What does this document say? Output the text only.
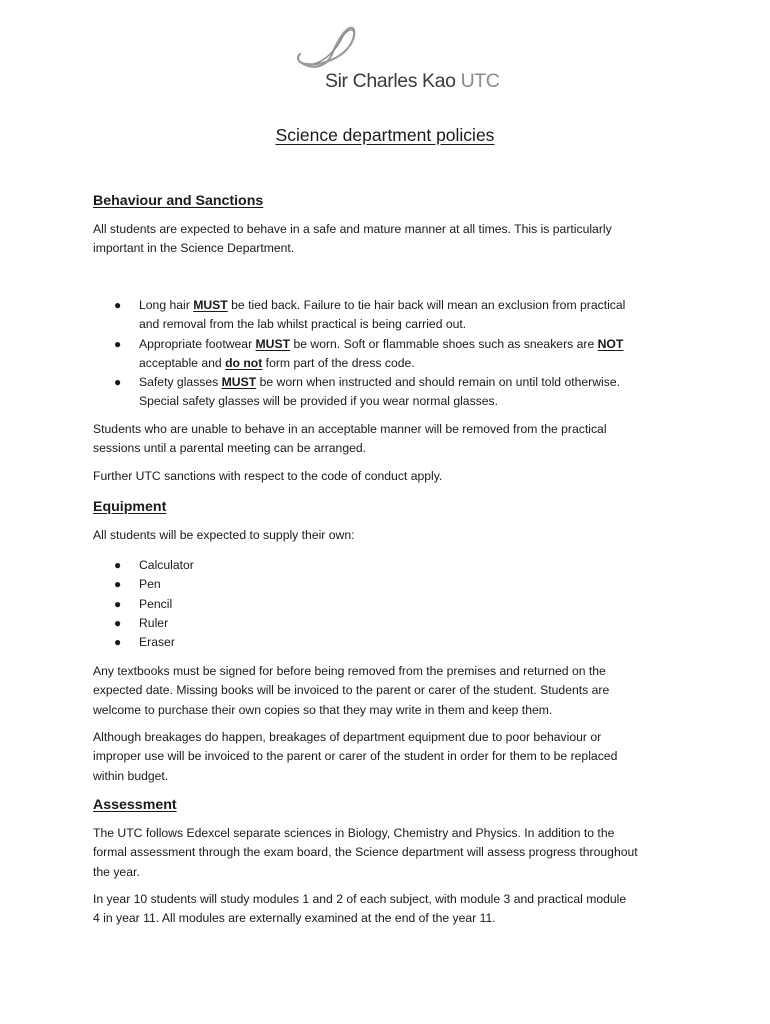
Sir Charles Kao UTC
Science department policies
Behaviour and Sanctions

All students are expected to behave in a safe and mature manner at all times. This is particularly
important in the Science Department.

● Long hair MUST be tied back. Failure to tie hair back will mean an exclusion from practical
and removal from the lab whilst practical is being carried out.
● Appropriate footwear MUST be worn. Soft or flammable shoes such as sneakers are NOT
acceptable and do not form part of the dress code.
● Safety glasses MUST be worn when instructed and should remain on until told otherwise.
Special safety glasses will be provided if you wear normal glasses.

Students who are unable to behave in an acceptable manner will be removed from the practical
sessions until a parental meeting can be arranged.

Further UTC sanctions with respect to the code of conduct apply.

Equipment

All students will be expected to supply their own:

● Calculator
● Pen
● Pencil
● Ruler
● Eraser

Any textbooks must be signed for before being removed from the premises and returned on the
expected date. Missing books will be invoiced to the parent or carer of the student. Students are
welcome to purchase their own copies so that they may write in them and keep them.

Although breakages do happen, breakages of department equipment due to poor behaviour or
improper use will be invoiced to the parent or carer of the student in order for them to be replaced
within budget.

Assessment

The UTC follows Edexcel separate sciences in Biology, Chemistry and Physics. In addition to the
formal assessment through the exam board, the Science department will assess progress throughout
the year.

In year 10 students will study modules 1 and 2 of each subject, with module 3 and practical module
4 in year 11. All modules are externally examined at the end of the year 11.
